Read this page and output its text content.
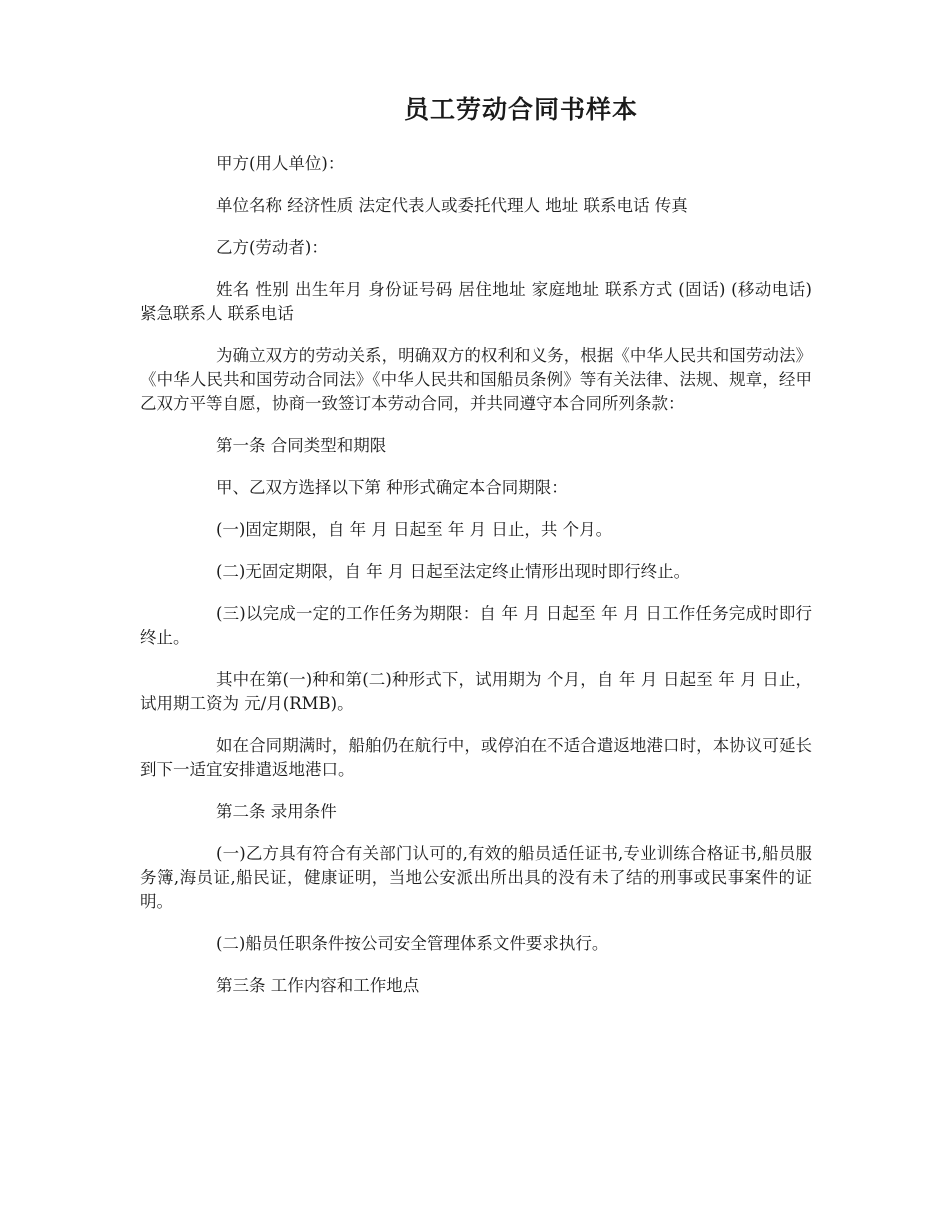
员工劳动合同书样本

甲方(用人单位)：

单位名称 经济性质 法定代表人或委托代理人 地址 联系电话 传真

乙方(劳动者)：

姓名 性别 出生年月 身份证号码 居住地址 家庭地址 联系方式 (固话) (移动电话) 紧急联系人 联系电话

为确立双方的劳动关系，明确双方的权利和义务，根据《中华人民共和国劳动法》《中华人民共和国劳动合同法》《中华人民共和国船员条例》等有关法律、法规、规章，经甲乙双方平等自愿，协商一致签订本劳动合同，并共同遵守本合同所列条款：

第一条 合同类型和期限

甲、乙双方选择以下第 种形式确定本合同期限：

(一)固定期限，自 年 月 日起至 年 月 日止，共 个月。

(二)无固定期限，自 年 月 日起至法定终止情形出现时即行终止。

(三)以完成一定的工作任务为期限：自 年 月 日起至 年 月 日工作任务完成时即行终止。

其中在第(一)种和第(二)种形式下，试用期为 个月，自 年 月 日起至 年 月 日止，试用期工资为 元/月(RMB)。

如在合同期满时，船舶仍在航行中，或停泊在不适合遣返地港口时，本协议可延长到下一适宜安排遣返地港口。

第二条 录用条件

(一)乙方具有符合有关部门认可的,有效的船员适任证书,专业训练合格证书,船员服务簿,海员证,船民证，健康证明，当地公安派出所出具的没有未了结的刑事或民事案件的证明。

(二)船员任职条件按公司安全管理体系文件要求执行。

第三条 工作内容和工作地点
